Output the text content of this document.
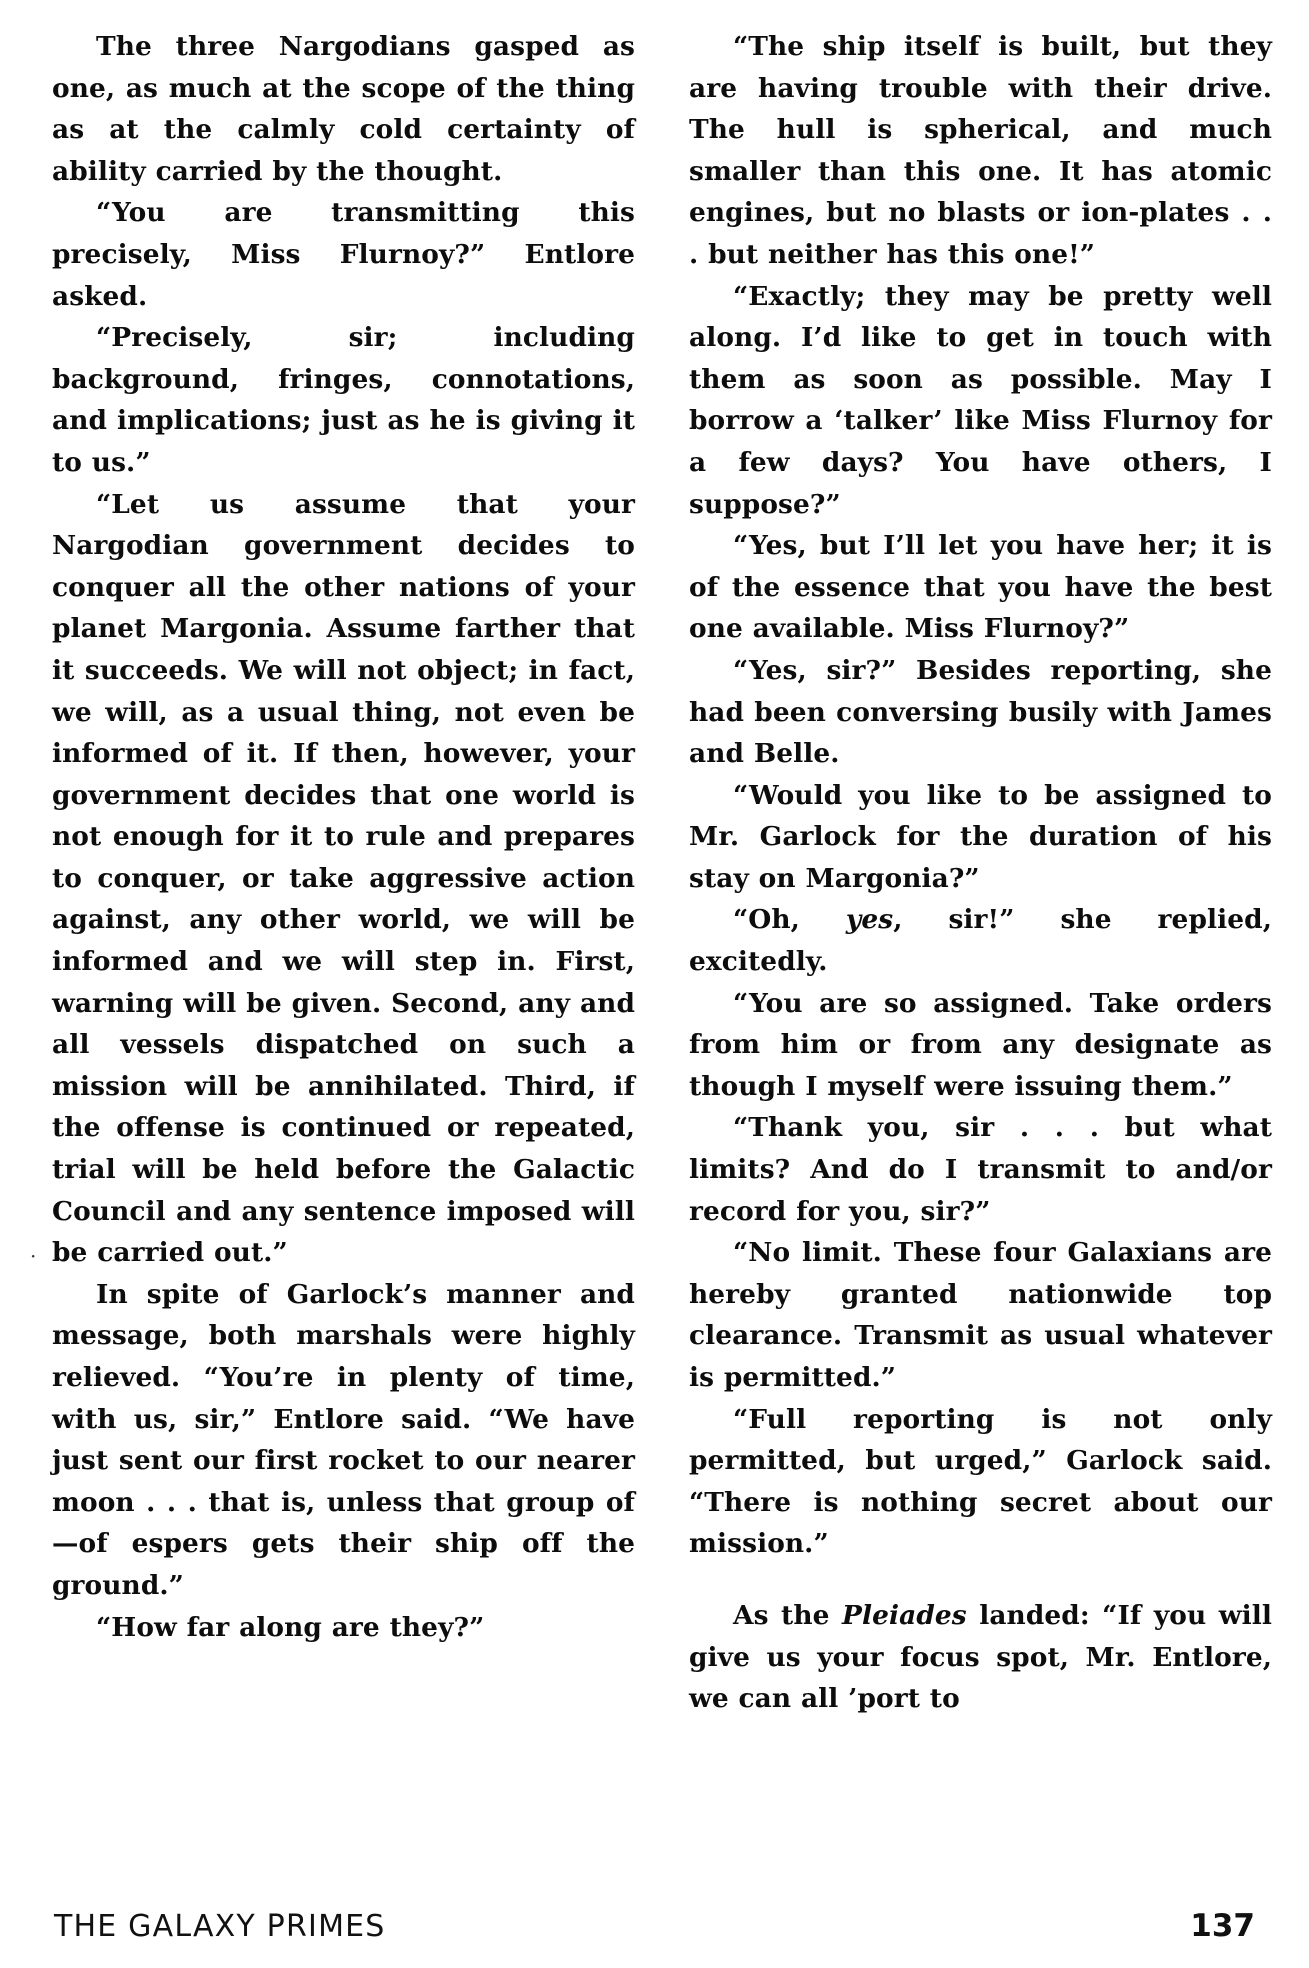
·

The three Nargodians gasped as one, as much at the scope of the thing as at the calmly cold certainty of ability carried by the thought.

“You are transmitting this precisely, Miss Flurnoy?” Entlore asked.

“Precisely, sir; including background, fringes, connotations, and implications; just as he is giving it to us.”

“Let us assume that your Nargodian government decides to conquer all the other nations of your planet Margonia. Assume farther that it succeeds. We will not object; in fact, we will, as a usual thing, not even be informed of it. If then, however, your government decides that one world is not enough for it to rule and prepares to conquer, or take aggressive action against, any other world, we will be informed and we will step in. First, warning will be given. Second, any and all vessels dispatched on such a mission will be annihilated. Third, if the offense is continued or repeated, trial will be held before the Galactic Council and any sentence imposed will be carried out.”

In spite of Garlock’s manner and message, both marshals were highly relieved. “You’re in plenty of time, with us, sir,” Entlore said. “We have just sent our first rocket to our nearer moon . . . that is, unless that group of—of espers gets their ship off the ground.”

“How far along are they?”

“The ship itself is built, but they are having trouble with their drive. The hull is spherical, and much smaller than this one. It has atomic engines, but no blasts or ion-plates . . . but neither has this one!”

“Exactly; they may be pretty well along. I’d like to get in touch with them as soon as possible. May I borrow a ‘talker’ like Miss Flurnoy for a few days? You have others, I suppose?”

“Yes, but I’ll let you have her; it is of the essence that you have the best one available. Miss Flurnoy?”

“Yes, sir?” Besides reporting, she had been conversing busily with James and Belle.

“Would you like to be assigned to Mr. Garlock for the duration of his stay on Margonia?”

“Oh, yes, sir!” she replied, excitedly.

“You are so assigned. Take orders from him or from any designate as though I myself were issuing them.”

“Thank you, sir . . . but what limits? And do I transmit to and/or record for you, sir?”

“No limit. These four Galaxians are hereby granted nationwide top clearance. Transmit as usual whatever is permitted.”

“Full reporting is not only permitted, but urged,” Garlock said. “There is nothing secret about our mission.”

As the Pleiades landed: “If you will give us your focus spot, Mr. Entlore, we can all ’port to

THE GALAXY PRIMES	137
